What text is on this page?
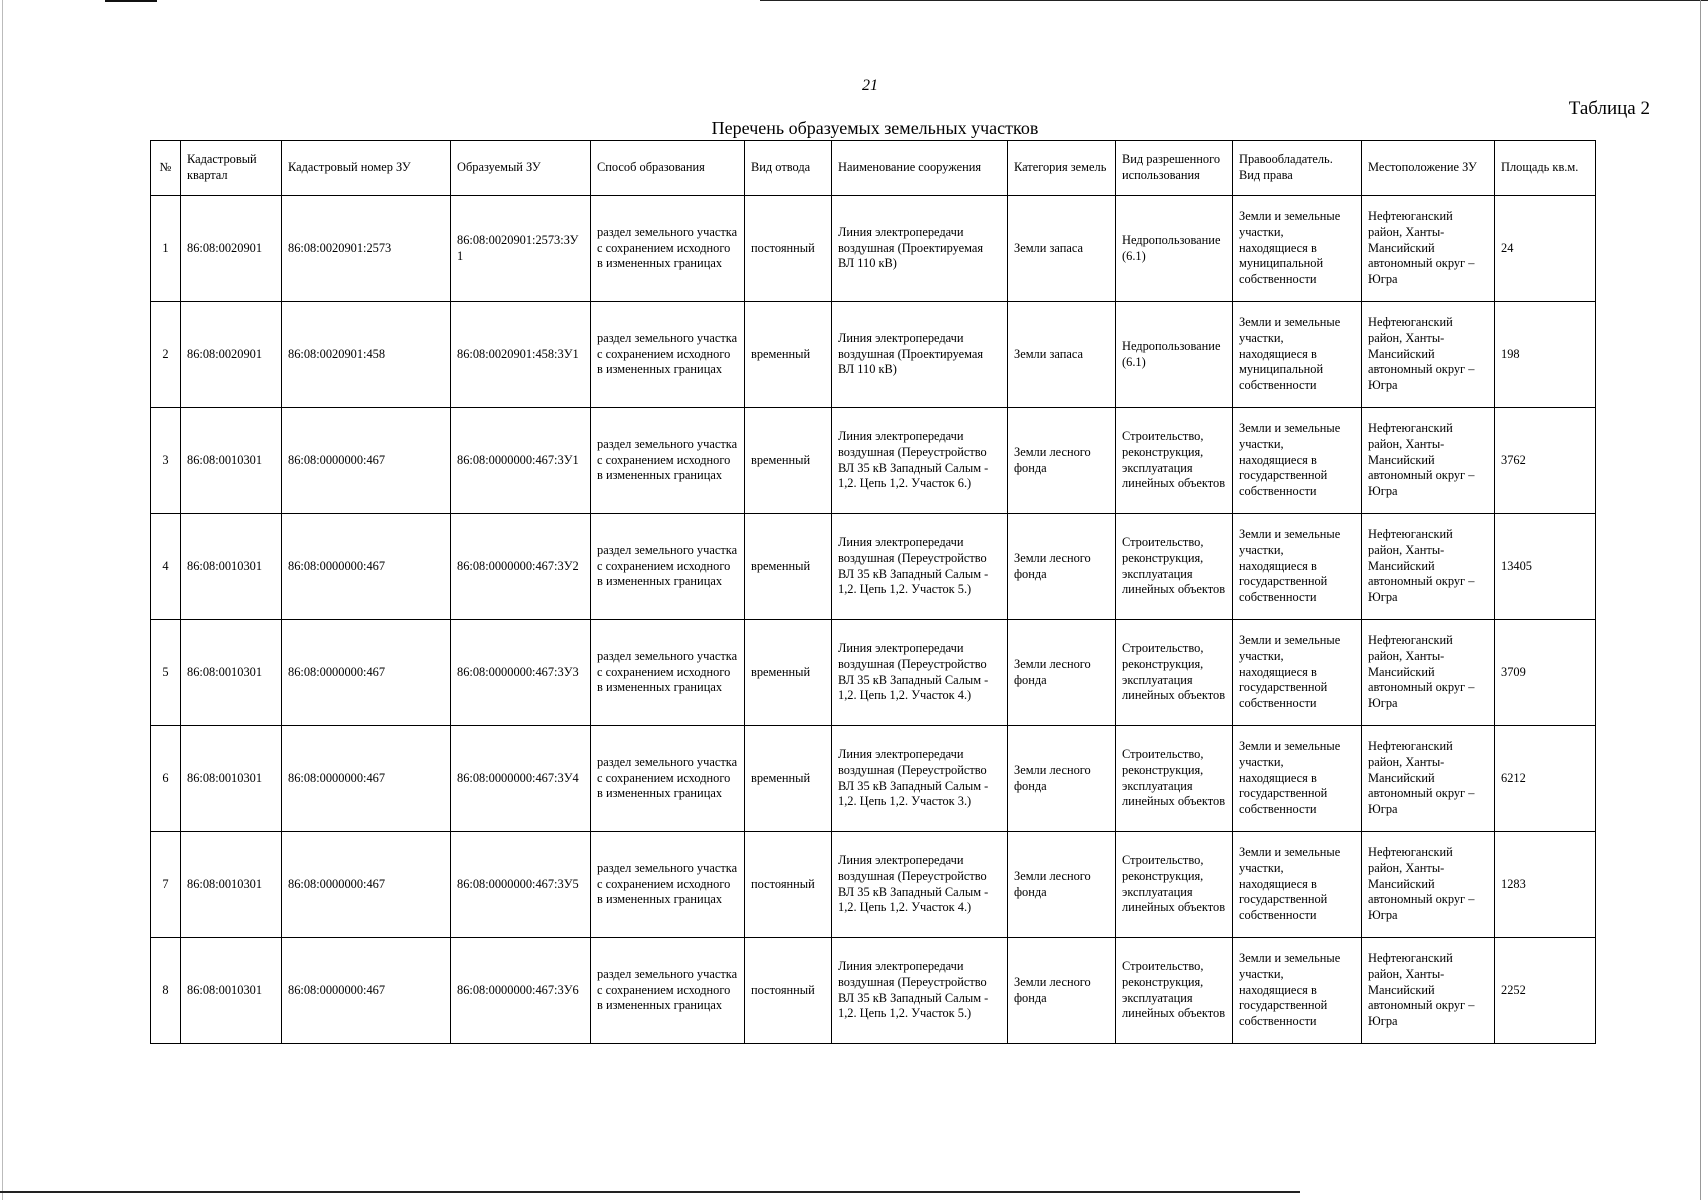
21
Таблица 2
Перечень образуемых земельных участков
№	Кадастровый квартал	Кадастровый номер ЗУ	Образуемый ЗУ	Способ образования	Вид отвода	Наименование сооружения	Категория земель	Вид разрешенного использования	Правообладатель. Вид права	Местоположение ЗУ	Площадь кв.м.
1	86:08:0020901	86:08:0020901:2573	86:08:0020901:2573:ЗУ1	раздел земельного участка с сохранением исходного в измененных границах	постоянный	Линия электропередачи воздушная (Проектируемая ВЛ 110 кВ)	Земли запаса	Недропользование (6.1)	Земли и земельные участки, находящиеся в муниципальной собственности	Нефтеюганский район, Ханты-Мансийский автономный округ – Югра	24
2	86:08:0020901	86:08:0020901:458	86:08:0020901:458:3У1	раздел земельного участка с сохранением исходного в измененных границах	временный	Линия электропередачи воздушная (Проектируемая ВЛ 110 кВ)	Земли запаса	Недропользование (6.1)	Земли и земельные участки, находящиеся в муниципальной собственности	Нефтеюганский район, Ханты-Мансийский автономный округ – Югра	198
3	86:08:0010301	86:08:0000000:467	86:08:0000000:467:3У1	раздел земельного участка с сохранением исходного в измененных границах	временный	Линия электропередачи воздушная (Переустройство ВЛ 35 кВ Западный Салым - 1,2. Цепь 1,2. Участок 6.)	Земли лесного фонда	Строительство, реконструкция, эксплуатация линейных объектов	Земли и земельные участки, находящиеся в государственной собственности	Нефтеюганский район, Ханты-Мансийский автономный округ – Югра	3762
4	86:08:0010301	86:08:0000000:467	86:08:0000000:467:3У2	раздел земельного участка с сохранением исходного в измененных границах	временный	Линия электропередачи воздушная (Переустройство ВЛ 35 кВ Западный Салым - 1,2. Цепь 1,2. Участок 5.)	Земли лесного фонда	Строительство, реконструкция, эксплуатация линейных объектов	Земли и земельные участки, находящиеся в государственной собственности	Нефтеюганский район, Ханты-Мансийский автономный округ – Югра	13405
5	86:08:0010301	86:08:0000000:467	86:08:0000000:467:3У3	раздел земельного участка с сохранением исходного в измененных границах	временный	Линия электропередачи воздушная (Переустройство ВЛ 35 кВ Западный Салым - 1,2. Цепь 1,2. Участок 4.)	Земли лесного фонда	Строительство, реконструкция, эксплуатация линейных объектов	Земли и земельные участки, находящиеся в государственной собственности	Нефтеюганский район, Ханты-Мансийский автономный округ – Югра	3709
6	86:08:0010301	86:08:0000000:467	86:08:0000000:467:3У4	раздел земельного участка с сохранением исходного в измененных границах	временный	Линия электропередачи воздушная (Переустройство ВЛ 35 кВ Западный Салым - 1,2. Цепь 1,2. Участок 3.)	Земли лесного фонда	Строительство, реконструкция, эксплуатация линейных объектов	Земли и земельные участки, находящиеся в государственной собственности	Нефтеюганский район, Ханты-Мансийский автономный округ – Югра	6212
7	86:08:0010301	86:08:0000000:467	86:08:0000000:467:3У5	раздел земельного участка с сохранением исходного в измененных границах	постоянный	Линия электропередачи воздушная (Переустройство ВЛ 35 кВ Западный Салым - 1,2. Цепь 1,2. Участок 4.)	Земли лесного фонда	Строительство, реконструкция, эксплуатация линейных объектов	Земли и земельные участки, находящиеся в государственной собственности	Нефтеюганский район, Ханты-Мансийский автономный округ – Югра	1283
8	86:08:0010301	86:08:0000000:467	86:08:0000000:467:3У6	раздел земельного участка с сохранением исходного в измененных границах	постоянный	Линия электропередачи воздушная (Переустройство ВЛ 35 кВ Западный Салым - 1,2. Цепь 1,2. Участок 5.)	Земли лесного фонда	Строительство, реконструкция, эксплуатация линейных объектов	Земли и земельные участки, находящиеся в государственной собственности	Нефтеюганский район, Ханты-Мансийский автономный округ – Югра	2252
